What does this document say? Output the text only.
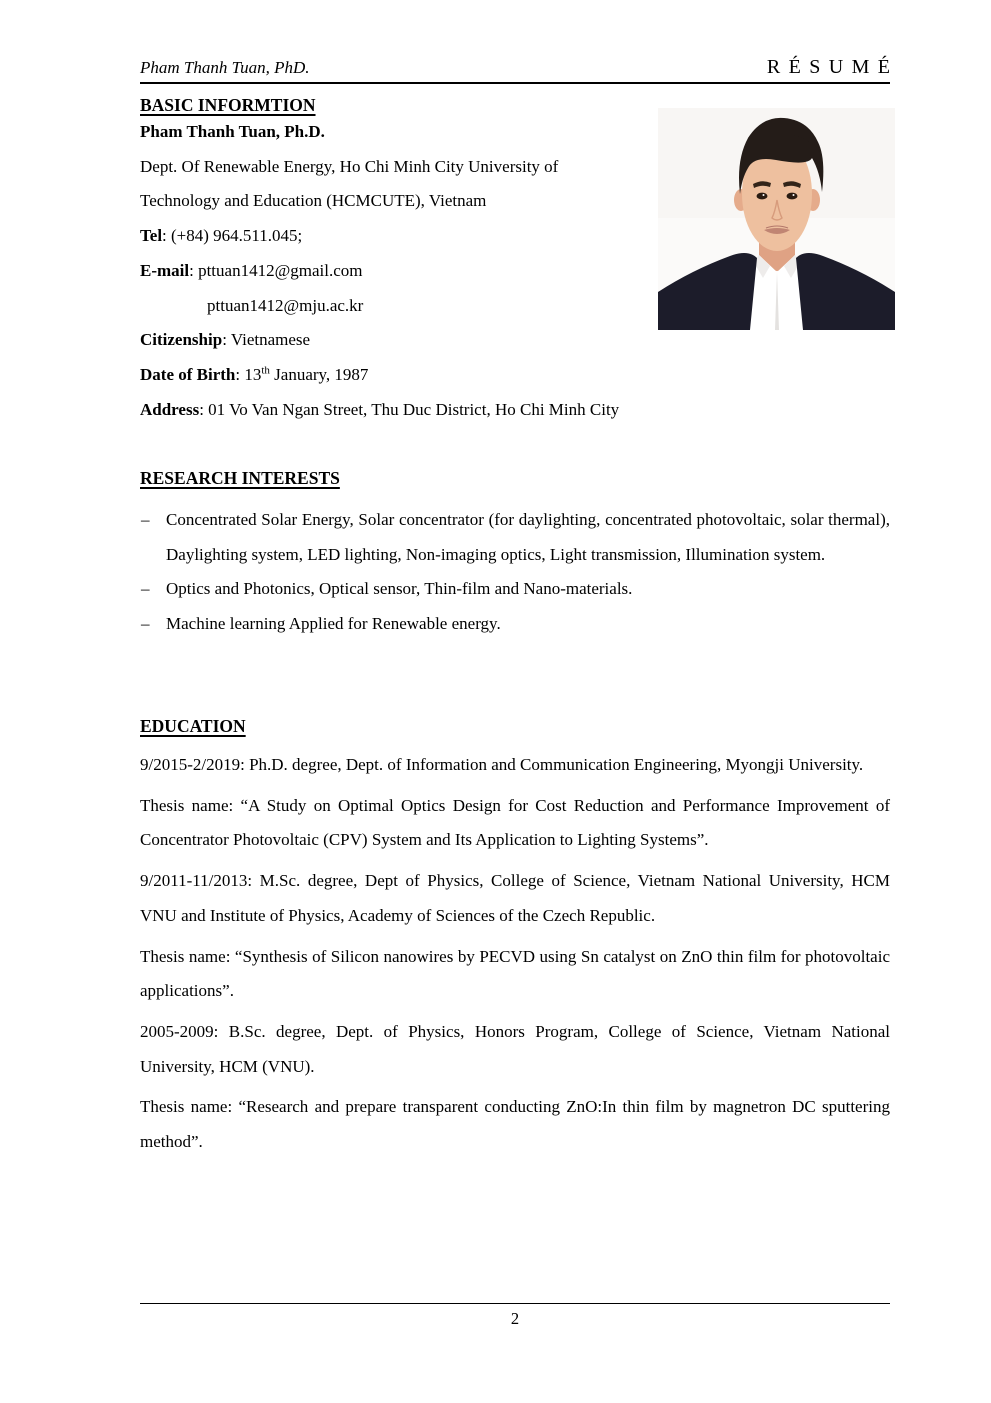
Pham Thanh Tuan, PhD.	RÉSUMÉ
BASIC INFORMTION
Pham Thanh Tuan, Ph.D.
Dept. Of Renewable Energy, Ho Chi Minh City University of
Technology and Education (HCMCUTE), Vietnam
Tel: (+84) 964.511.045;
E-mail: pttuan1412@gmail.com
pttuan1412@mju.ac.kr
Citizenship: Vietnamese
Date of Birth: 13th January, 1987
Address: 01 Vo Van Ngan Street, Thu Duc District, Ho Chi Minh City
RESEARCH INTERESTS
– Concentrated Solar Energy, Solar concentrator (for daylighting, concentrated photovoltaic, solar thermal), Daylighting system, LED lighting, Non-imaging optics, Light transmission, Illumination system.
– Optics and Photonics, Optical sensor, Thin-film and Nano-materials.
– Machine learning Applied for Renewable energy.
EDUCATION

9/2015-2/2019: Ph.D. degree, Dept. of Information and Communication Engineering, Myongji University.

Thesis name: “A Study on Optimal Optics Design for Cost Reduction and Performance Improvement of Concentrator Photovoltaic (CPV) System and Its Application to Lighting Systems”.

9/2011-11/2013: M.Sc. degree, Dept of Physics, College of Science, Vietnam National University, HCM VNU and Institute of Physics, Academy of Sciences of the Czech Republic.

Thesis name: “Synthesis of Silicon nanowires by PECVD using Sn catalyst on ZnO thin film for photovoltaic applications”.

2005-2009: B.Sc. degree, Dept. of Physics, Honors Program, College of Science, Vietnam National University, HCM (VNU).

Thesis name: “Research and prepare transparent conducting ZnO:In thin film by magnetron DC sputtering method”.

2
